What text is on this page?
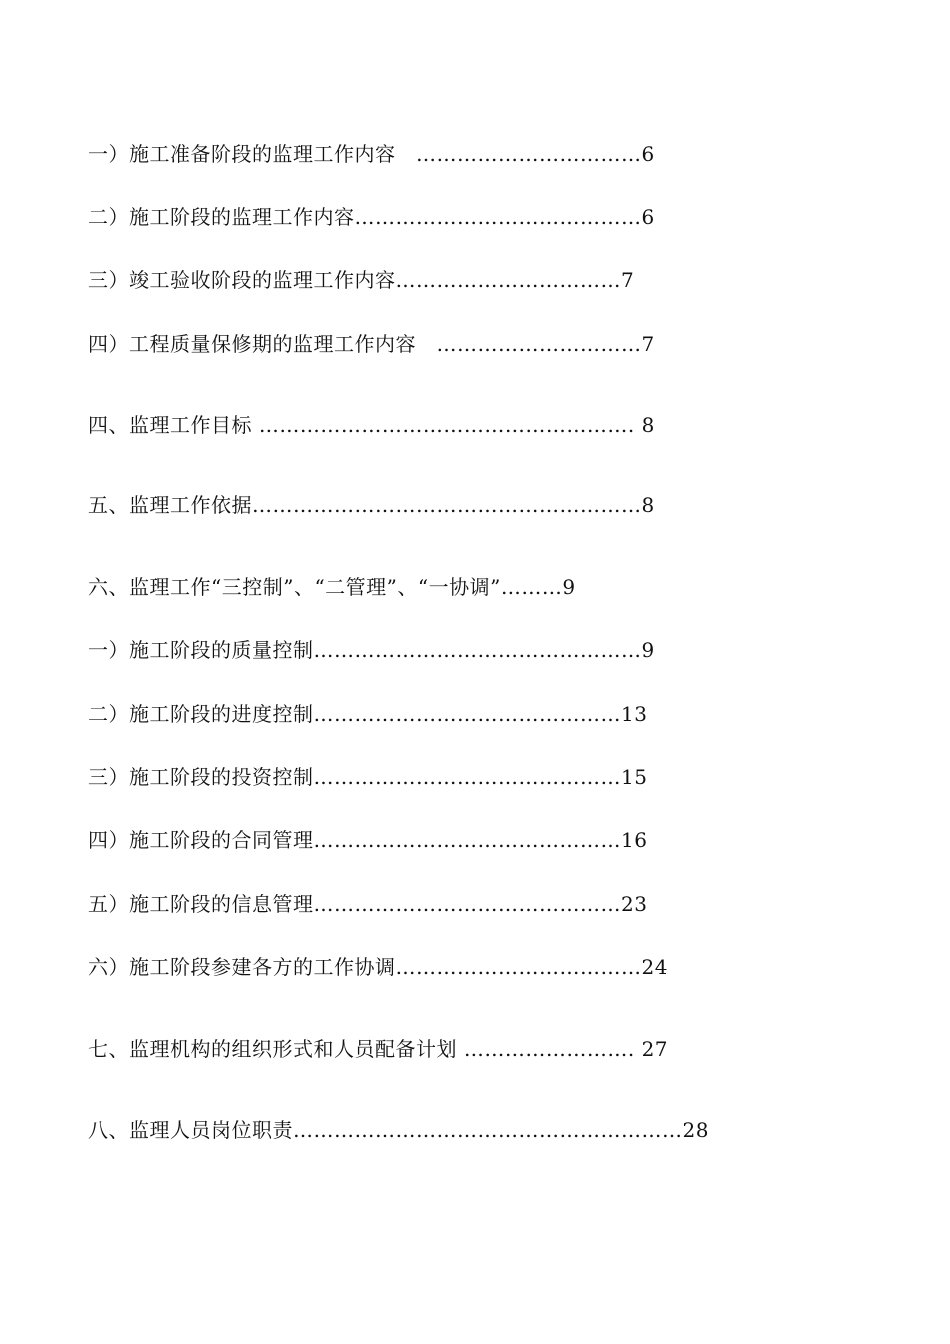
一）施工准备阶段的监理工作内容　……………………………6
二）施工阶段的监理工作内容……………………………………6
三）竣工验收阶段的监理工作内容……………………………7
四）工程质量保修期的监理工作内容　…………………………7
四、监理工作目标 ………………………………………………. 8
五、监理工作依据…………………………………………………8
六、监理工作“三控制”、“二管理”、“一协调”………9
一）施工阶段的质量控制…………………………………………9
二）施工阶段的进度控制………………………………………13
三）施工阶段的投资控制………………………………………15
四）施工阶段的合同管理………………………………………16
五）施工阶段的信息管理………………………………………23
六）施工阶段参建各方的工作协调………………………………24
七、监理机构的组织形式和人员配备计划 ……………………. 27
八、监理人员岗位职责…………………………………………………28
